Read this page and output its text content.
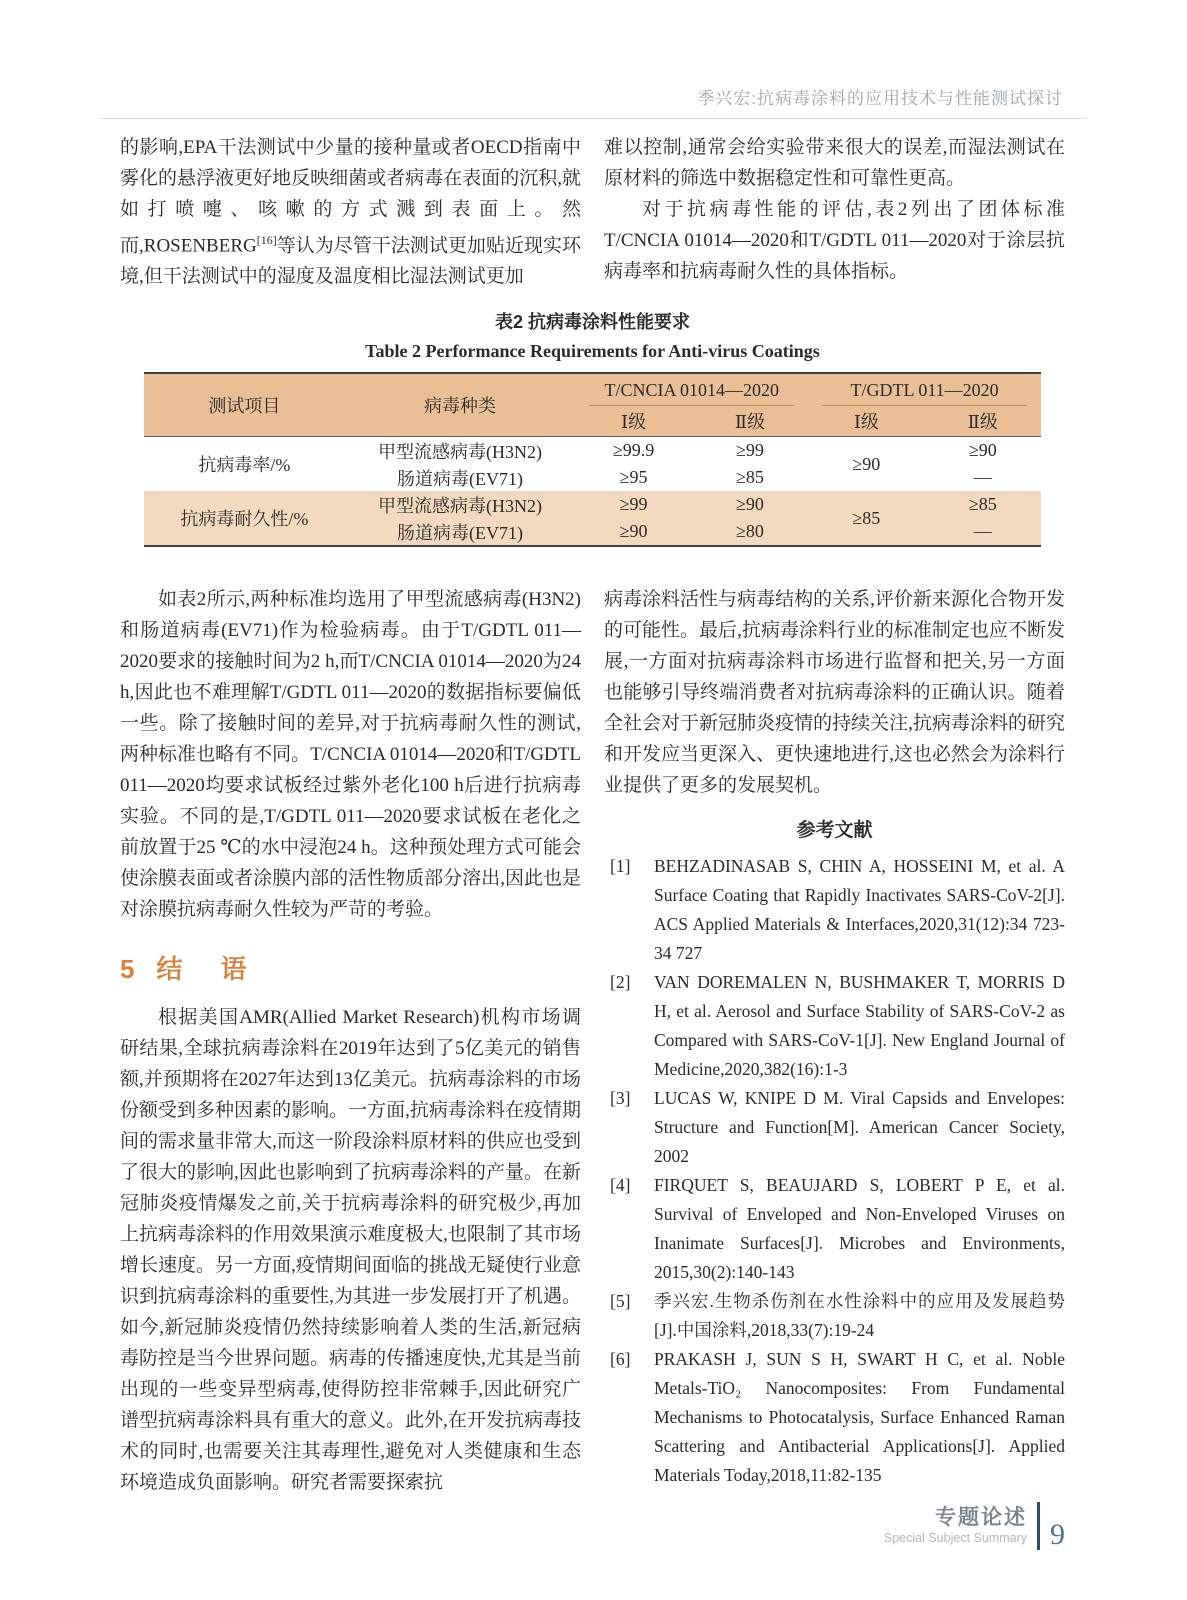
季兴宏:抗病毒涂料的应用技术与性能测试探讨

的影响,EPA干法测试中少量的接种量或者OECD指南中雾化的悬浮液更好地反映细菌或者病毒在表面的沉积,就如打喷嚏、咳嗽的方式溅到表面上。然而,ROSENBERG[16]等认为尽管干法测试更加贴近现实环境,但干法测试中的湿度及温度相比湿法测试更加

难以控制,通常会给实验带来很大的误差,而湿法测试在原材料的筛选中数据稳定性和可靠性更高。

对于抗病毒性能的评估,表2列出了团体标准T/CNCIA 01014—2020和T/GDTL 011—2020对于涂层抗病毒率和抗病毒耐久性的具体指标。

表2 抗病毒涂料性能要求
Table 2 Performance Requirements for Anti-virus Coatings
测试项目	病毒种类	T/CNCIA 01014—2020		T/GDTL 011—2020	
		Ⅰ级	Ⅱ级	Ⅰ级	Ⅱ级
抗病毒率/%	甲型流感病毒(H3N2)	≥99.9	≥99	≥90	≥90
	肠道病毒(EV71)	≥95	≥85		—
抗病毒耐久性/%	甲型流感病毒(H3N2)	≥99	≥90	≥85	≥85
	肠道病毒(EV71)	≥90	≥80		—

如表2所示,两种标准均选用了甲型流感病毒(H3N2)和肠道病毒(EV71)作为检验病毒。由于T/GDTL 011—2020要求的接触时间为2 h,而T/CNCIA 01014—2020为24 h,因此也不难理解T/GDTL 011—2020的数据指标要偏低一些。除了接触时间的差异,对于抗病毒耐久性的测试,两种标准也略有不同。T/CNCIA 01014—2020和T/GDTL 011—2020均要求试板经过紫外老化100 h后进行抗病毒实验。不同的是,T/GDTL 011—2020要求试板在老化之前放置于25 ℃的水中浸泡24 h。这种预处理方式可能会使涂膜表面或者涂膜内部的活性物质部分溶出,因此也是对涂膜抗病毒耐久性较为严苛的考验。

5 结　语

根据美国AMR(Allied Market Research)机构市场调研结果,全球抗病毒涂料在2019年达到了5亿美元的销售额,并预期将在2027年达到13亿美元。抗病毒涂料的市场份额受到多种因素的影响。一方面,抗病毒涂料在疫情期间的需求量非常大,而这一阶段涂料原材料的供应也受到了很大的影响,因此也影响到了抗病毒涂料的产量。在新冠肺炎疫情爆发之前,关于抗病毒涂料的研究极少,再加上抗病毒涂料的作用效果演示难度极大,也限制了其市场增长速度。另一方面,疫情期间面临的挑战无疑使行业意识到抗病毒涂料的重要性,为其进一步发展打开了机遇。如今,新冠肺炎疫情仍然持续影响着人类的生活,新冠病毒防控是当今世界问题。病毒的传播速度快,尤其是当前出现的一些变异型病毒,使得防控非常棘手,因此研究广谱型抗病毒涂料具有重大的意义。此外,在开发抗病毒技术的同时,也需要关注其毒理性,避免对人类健康和生态环境造成负面影响。研究者需要探索抗

病毒涂料活性与病毒结构的关系,评价新来源化合物开发的可能性。最后,抗病毒涂料行业的标准制定也应不断发展,一方面对抗病毒涂料市场进行监督和把关,另一方面也能够引导终端消费者对抗病毒涂料的正确认识。随着全社会对于新冠肺炎疫情的持续关注,抗病毒涂料的研究和开发应当更深入、更快速地进行,这也必然会为涂料行业提供了更多的发展契机。

参考文献
[1]	BEHZADINASAB S, CHIN A, HOSSEINI M, et al. A Surface Coating that Rapidly Inactivates SARS-CoV-2[J]. ACS Applied Materials & Interfaces,2020,31(12):34 723-34 727
[2]	VAN DOREMALEN N, BUSHMAKER T, MORRIS D H, et al. Aerosol and Surface Stability of SARS-CoV-2 as Compared with SARS-CoV-1[J]. New England Journal of Medicine,2020,382(16):1-3
[3]	LUCAS W, KNIPE D M. Viral Capsids and Envelopes: Structure and Function[M]. American Cancer Society, 2002
[4]	FIRQUET S, BEAUJARD S, LOBERT P E, et al. Survival of Enveloped and Non-Enveloped Viruses on Inanimate Surfaces[J]. Microbes and Environments, 2015,30(2):140-143
[5]	季兴宏.生物杀伤剂在水性涂料中的应用及发展趋势[J].中国涂料,2018,33(7):19-24
[6]	PRAKASH J, SUN S H, SWART H C, et al. Noble Metals-TiO₂ Nanocomposites: From Fundamental Mechanisms to Photocatalysis, Surface Enhanced Raman Scattering and Antibacterial Applications[J]. Applied Materials Today,2018,11:82-135
专题论述
Special Subject Summary 9
